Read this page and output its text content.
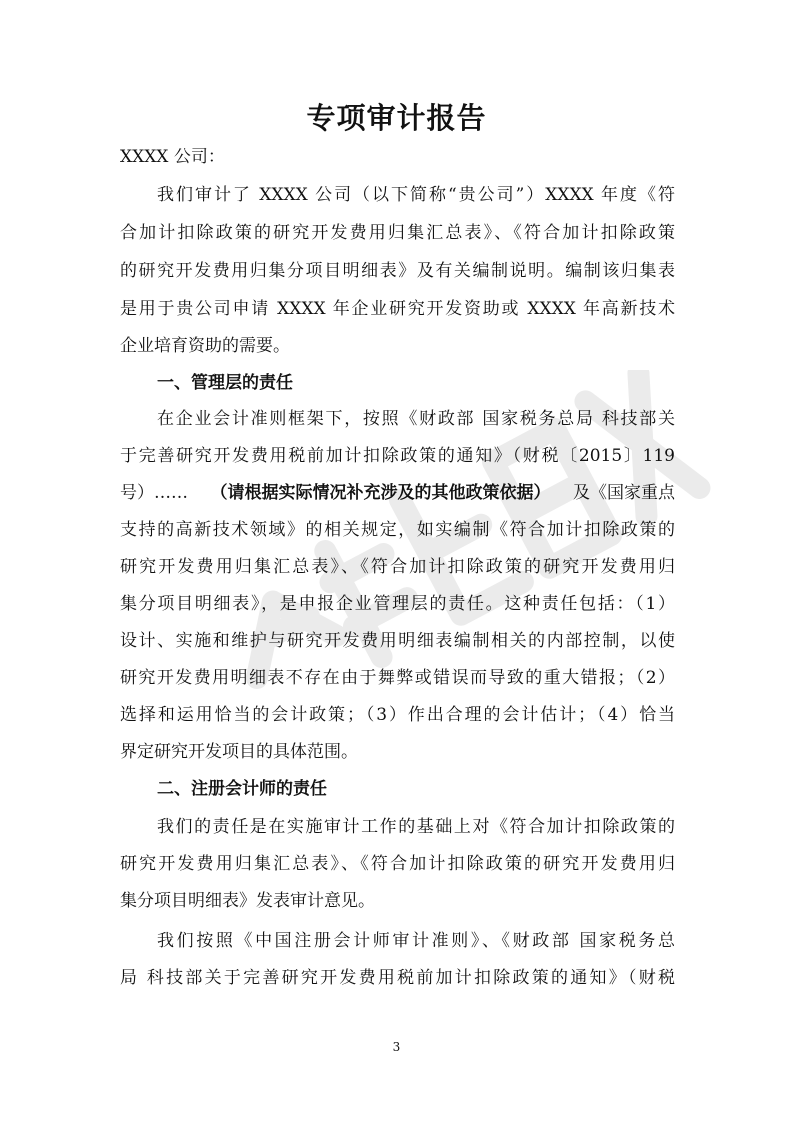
专项审计报告
XXXX 公司：
我们审计了 XXXX 公司（以下简称“贵公司”）XXXX 年度《符
合加计扣除政策的研究开发费用归集汇总表》、《符合加计扣除政策
的研究开发费用归集分项目明细表》及有关编制说明。编制该归集表
是用于贵公司申请 XXXX 年企业研究开发资助或 XXXX 年高新技术
企业培育资助的需要。
一、管理层的责任
在企业会计准则框架下，按照《财政部 国家税务总局 科技部关
于完善研究开发费用税前加计扣除政策的通知》（财税〔2015〕119
号）…… （请根据实际情况补充涉及的其他政策依据） 及《国家重点
支持的高新技术领域》的相关规定，如实编制《符合加计扣除政策的
研究开发费用归集汇总表》、《符合加计扣除政策的研究开发费用归
集分项目明细表》，是申报企业管理层的责任。这种责任包括：（1）
设计、实施和维护与研究开发费用明细表编制相关的内部控制，以使
研究开发费用明细表不存在由于舞弊或错误而导致的重大错报；（2）
选择和运用恰当的会计政策；（3）作出合理的会计估计；（4）恰当
界定研究开发项目的具体范围。
二、注册会计师的责任
我们的责任是在实施审计工作的基础上对《符合加计扣除政策的
研究开发费用归集汇总表》、《符合加计扣除政策的研究开发费用归
集分项目明细表》发表审计意见。
我们按照《中国注册会计师审计准则》、《财政部 国家税务总
局 科技部关于完善研究开发费用税前加计扣除政策的通知》（财税
3
